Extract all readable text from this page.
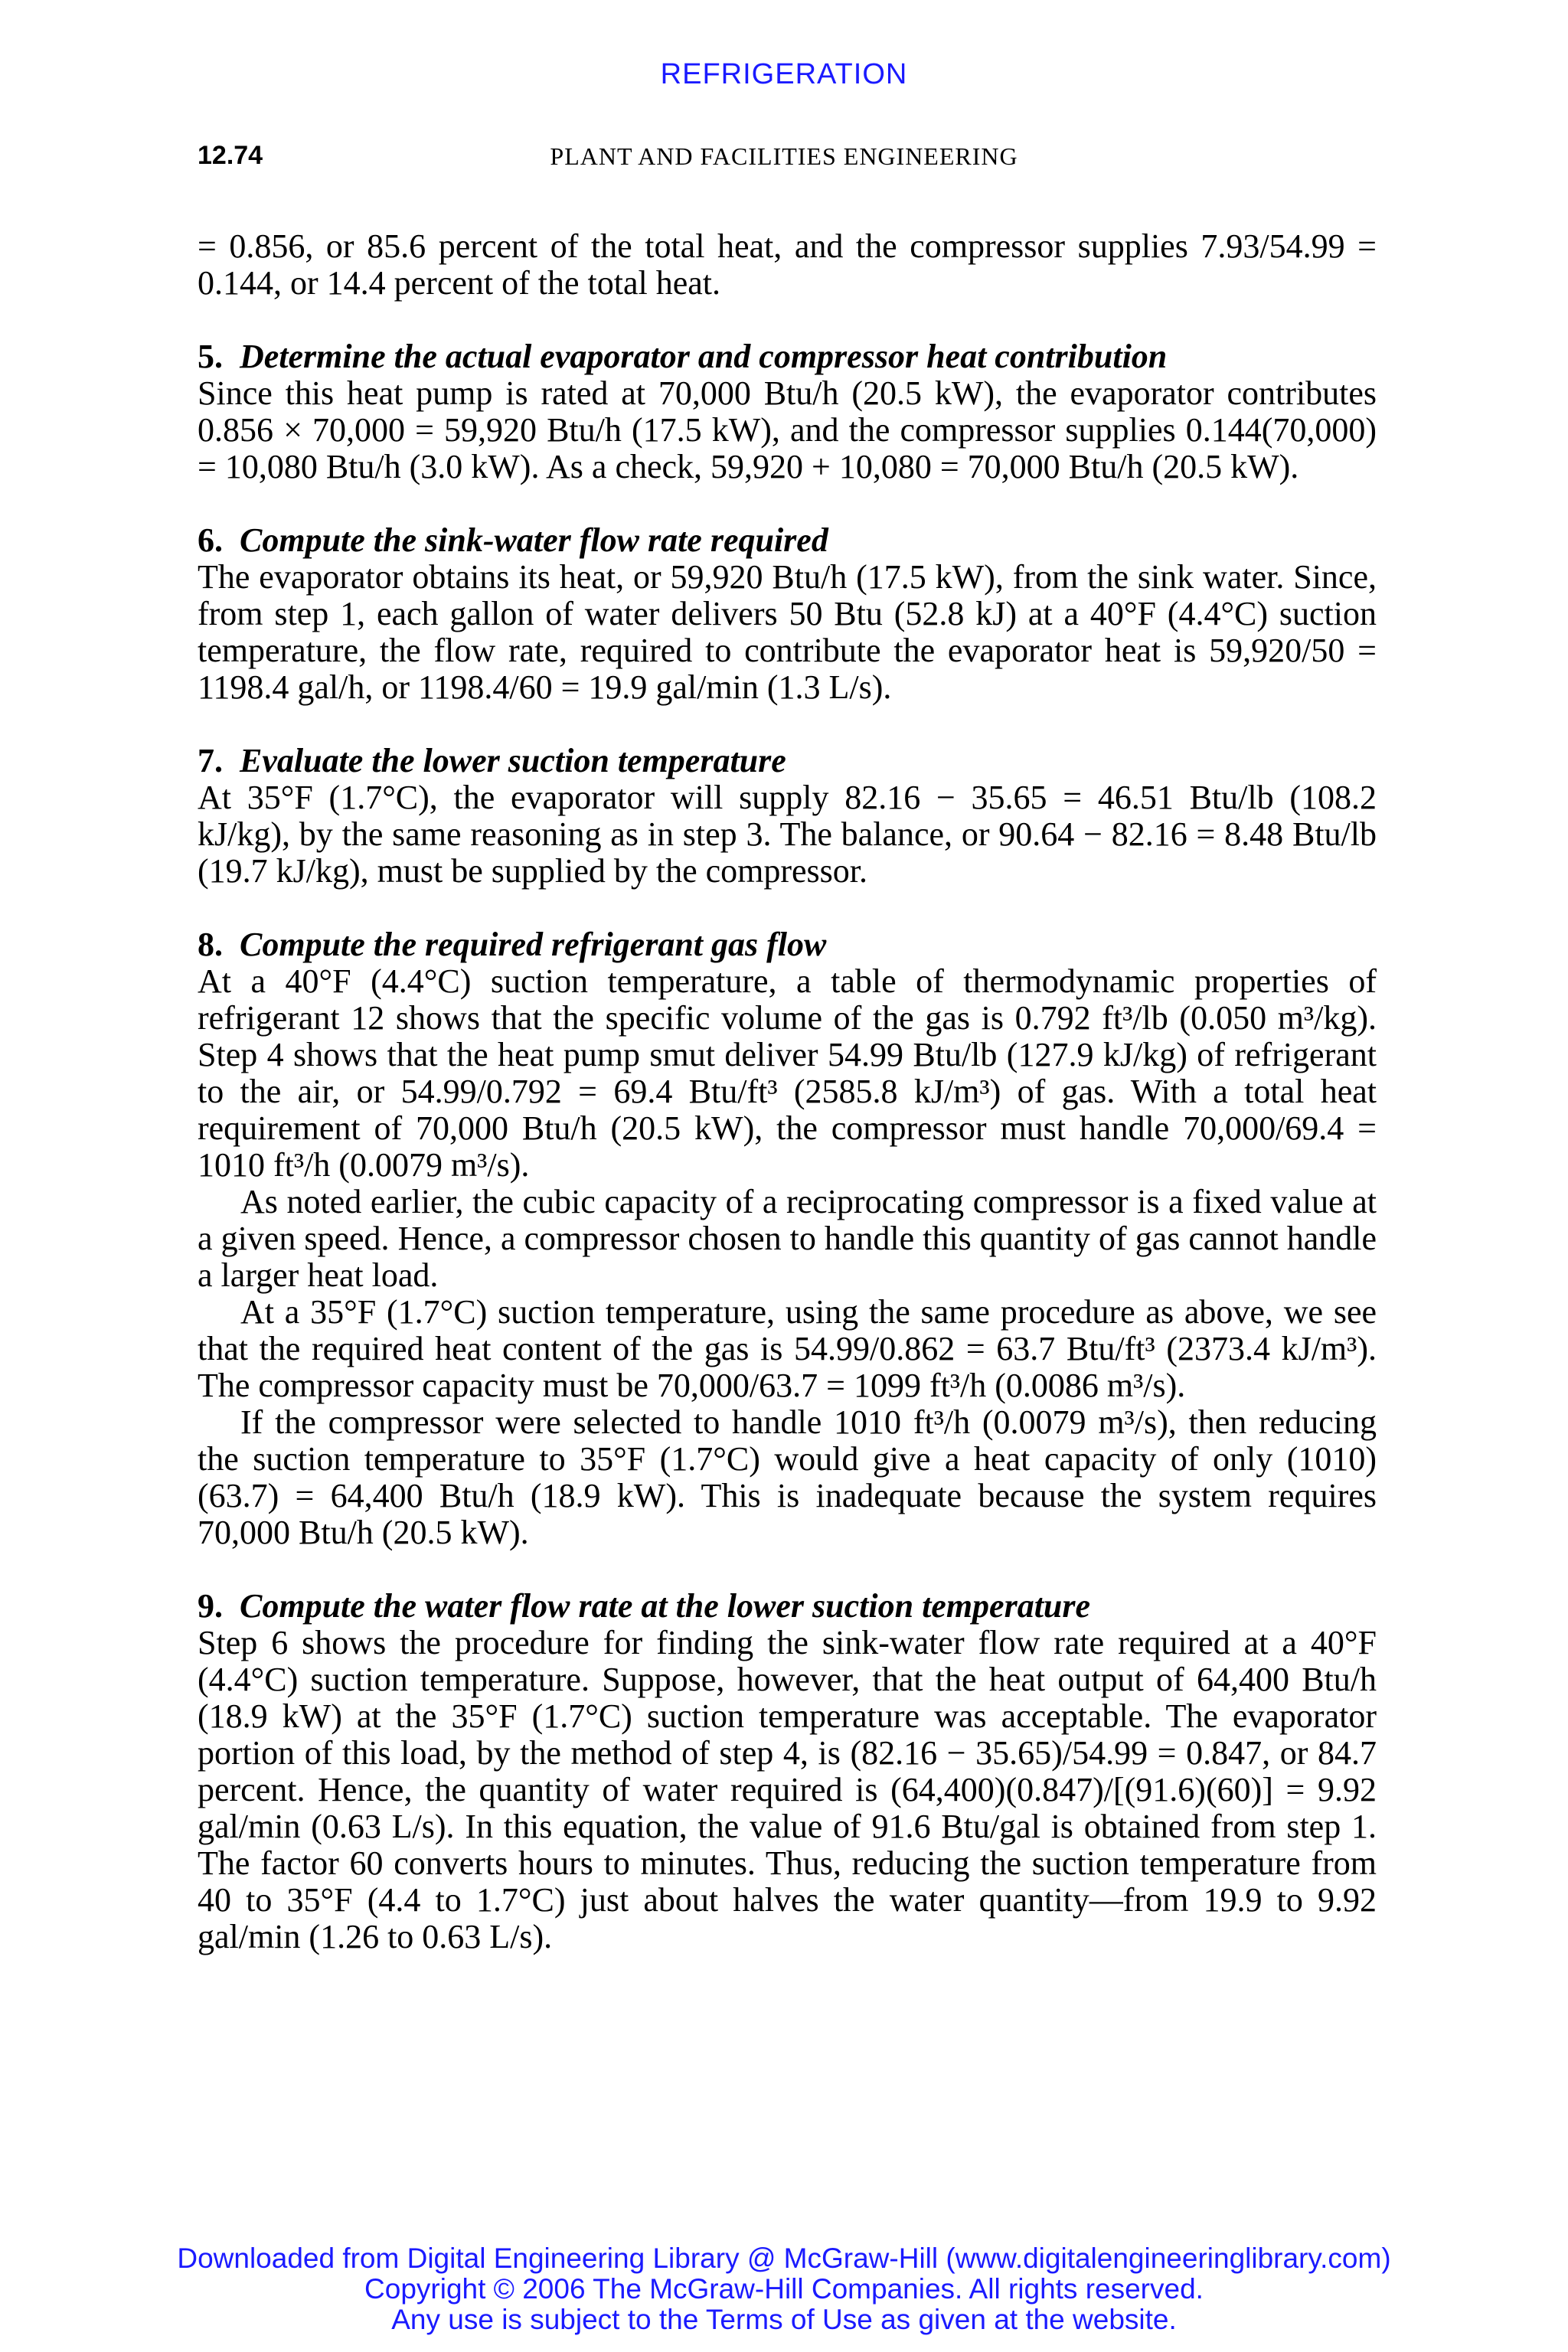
REFRIGERATION
12.74	PLANT AND FACILITIES ENGINEERING

= 0.856, or 85.6 percent of the total heat, and the compressor supplies 7.93/54.99 = 0.144, or 14.4 percent of the total heat.

5. Determine the actual evaporator and compressor heat contribution

Since this heat pump is rated at 70,000 Btu/h (20.5 kW), the evaporator contributes 0.856 × 70,000 = 59,920 Btu/h (17.5 kW), and the compressor supplies 0.144(70,000) = 10,080 Btu/h (3.0 kW). As a check, 59,920 + 10,080 = 70,000 Btu/h (20.5 kW).

6. Compute the sink-water flow rate required

The evaporator obtains its heat, or 59,920 Btu/h (17.5 kW), from the sink water. Since, from step 1, each gallon of water delivers 50 Btu (52.8 kJ) at a 40°F (4.4°C) suction temperature, the flow rate, required to contribute the evaporator heat is 59,920/50 = 1198.4 gal/h, or 1198.4/60 = 19.9 gal/min (1.3 L/s).

7. Evaluate the lower suction temperature

At 35°F (1.7°C), the evaporator will supply 82.16 − 35.65 = 46.51 Btu/lb (108.2 kJ/kg), by the same reasoning as in step 3. The balance, or 90.64 − 82.16 = 8.48 Btu/lb (19.7 kJ/kg), must be supplied by the compressor.

8. Compute the required refrigerant gas flow

At a 40°F (4.4°C) suction temperature, a table of thermodynamic properties of refrigerant 12 shows that the specific volume of the gas is 0.792 ft³/lb (0.050 m³/kg). Step 4 shows that the heat pump smut deliver 54.99 Btu/lb (127.9 kJ/kg) of refrigerant to the air, or 54.99/0.792 = 69.4 Btu/ft³ (2585.8 kJ/m³) of gas. With a total heat requirement of 70,000 Btu/h (20.5 kW), the compressor must handle 70,000/69.4 = 1010 ft³/h (0.0079 m³/s).

As noted earlier, the cubic capacity of a reciprocating compressor is a fixed value at a given speed. Hence, a compressor chosen to handle this quantity of gas cannot handle a larger heat load.

At a 35°F (1.7°C) suction temperature, using the same procedure as above, we see that the required heat content of the gas is 54.99/0.862 = 63.7 Btu/ft³ (2373.4 kJ/m³). The compressor capacity must be 70,000/63.7 = 1099 ft³/h (0.0086 m³/s).

If the compressor were selected to handle 1010 ft³/h (0.0079 m³/s), then reducing the suction temperature to 35°F (1.7°C) would give a heat capacity of only (1010)(63.7) = 64,400 Btu/h (18.9 kW). This is inadequate because the system requires 70,000 Btu/h (20.5 kW).

9. Compute the water flow rate at the lower suction temperature

Step 6 shows the procedure for finding the sink-water flow rate required at a 40°F (4.4°C) suction temperature. Suppose, however, that the heat output of 64,400 Btu/h (18.9 kW) at the 35°F (1.7°C) suction temperature was acceptable. The evaporator portion of this load, by the method of step 4, is (82.16 − 35.65)/54.99 = 0.847, or 84.7 percent. Hence, the quantity of water required is (64,400)(0.847)/[(91.6)(60)] = 9.92 gal/min (0.63 L/s). In this equation, the value of 91.6 Btu/gal is obtained from step 1. The factor 60 converts hours to minutes. Thus, reducing the suction temperature from 40 to 35°F (4.4 to 1.7°C) just about halves the water quantity—from 19.9 to 9.92 gal/min (1.26 to 0.63 L/s).

Downloaded from Digital Engineering Library @ McGraw-Hill (www.digitalengineeringlibrary.com)
Copyright © 2006 The McGraw-Hill Companies. All rights reserved.
Any use is subject to the Terms of Use as given at the website.
